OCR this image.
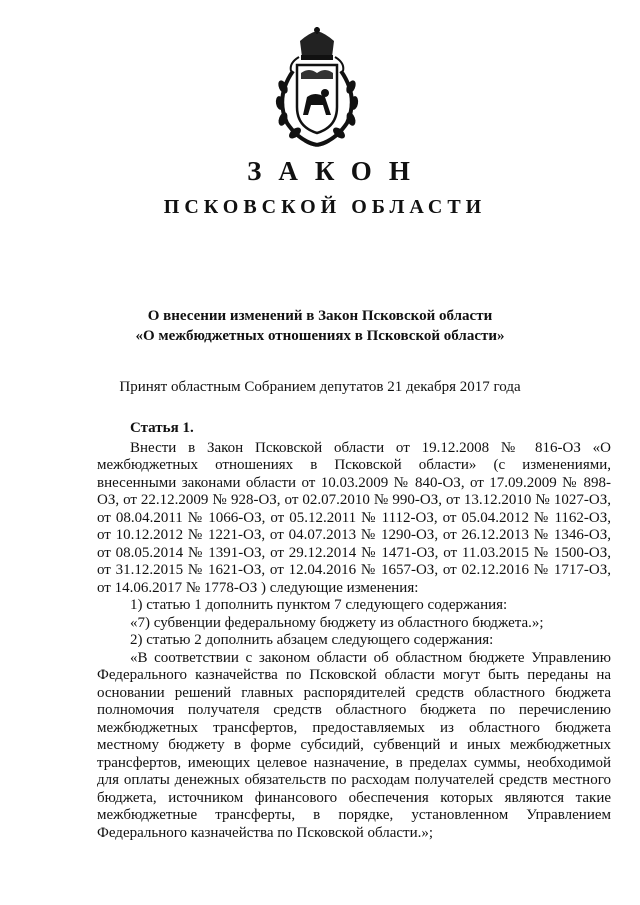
ЗАКОН
ПСКОВСКОЙ ОБЛАСТИ
О внесении изменений в Закон Псковской области
«О межбюджетных отношениях в Псковской области»
Принят областным Собранием депутатов 21 декабря 2017 года
Статья 1.

Внести в Закон Псковской области от 19.12.2008 № 816-ОЗ «О межбюджетных отношениях в Псковской области» (с изменениями, внесенными законами области от 10.03.2009 № 840-ОЗ, от 17.09.2009 № 898-ОЗ, от 22.12.2009 № 928-ОЗ, от 02.07.2010 № 990-ОЗ, от 13.12.2010 № 1027-ОЗ, от 08.04.2011 № 1066-ОЗ, от 05.12.2011 № 1112-ОЗ, от 05.04.2012 № 1162-ОЗ, от 10.12.2012 № 1221-ОЗ, от 04.07.2013 № 1290-ОЗ, от 26.12.2013 № 1346-ОЗ, от 08.05.2014 № 1391-ОЗ, от 29.12.2014 № 1471-ОЗ, от 11.03.2015 № 1500-ОЗ, от 31.12.2015 № 1621-ОЗ, от 12.04.2016 № 1657-ОЗ, от 02.12.2016 № 1717-ОЗ, от 14.06.2017 № 1778-ОЗ ) следующие изменения:

1) статью 1 дополнить пунктом 7 следующего содержания:

«7) субвенции федеральному бюджету из областного бюджета.»;

2) статью 2 дополнить абзацем следующего содержания:

«В соответствии с законом области об областном бюджете Управлению Федерального казначейства по Псковской области могут быть переданы на основании решений главных распорядителей средств областного бюджета полномочия получателя средств областного бюджета по перечислению межбюджетных трансфертов, предоставляемых из областного бюджета местному бюджету в форме субсидий, субвенций и иных межбюджетных трансфертов, имеющих целевое назначение, в пределах суммы, необходимой для оплаты денежных обязательств по расходам получателей средств местного бюджета, источником финансового обеспечения которых являются такие межбюджетные трансферты, в порядке, установленном Управлением Федерального казначейства по Псковской области.»;
